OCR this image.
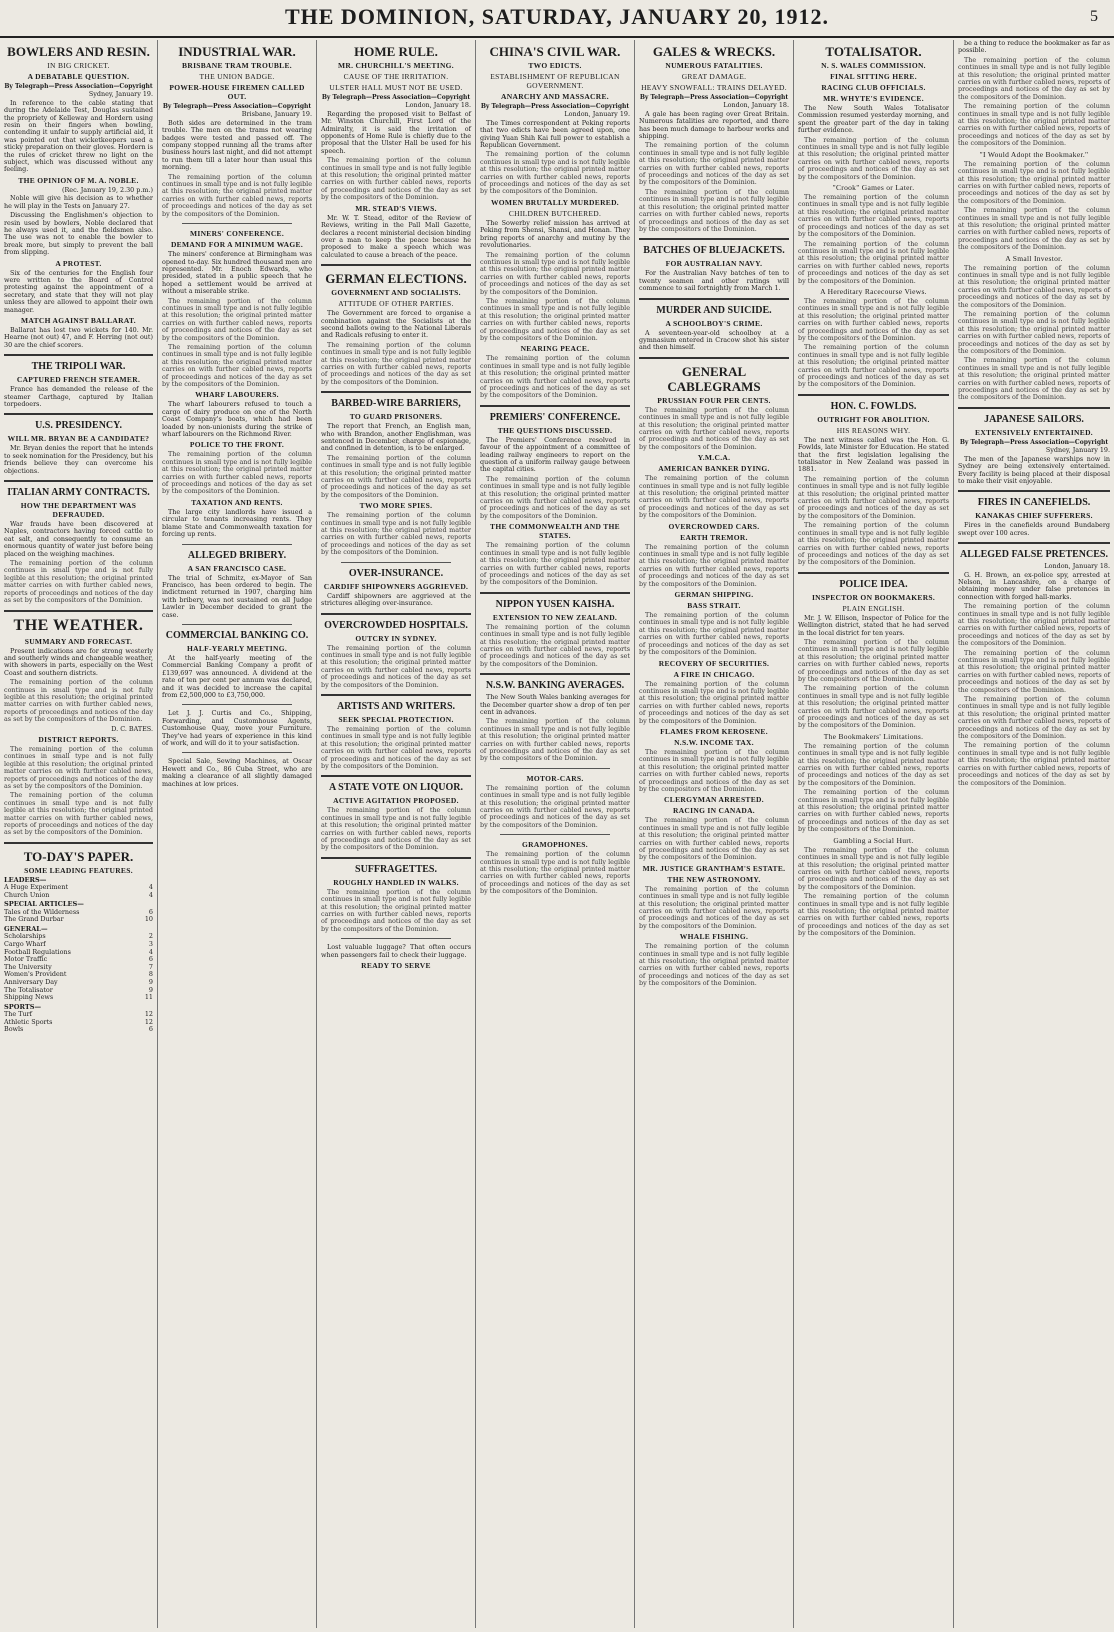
THE DOMINION, SATURDAY, JANUARY 20, 1912.	5
BOWLERS AND RESIN.
IN BIG CRICKET.
A DEBATABLE QUESTION.
By Telegraph—Press Association—Copyright
Sydney, January 19.

In reference to the cable stating that during the Adelaide Test, Douglas sustained the propriety of Kelleway and Hordern using resin on their fingers when bowling, contending it unfair to supply artificial aid, it was pointed out that wicketkeepers used a sticky preparation on their gloves. Hordern is the rules of cricket threw no light on the subject, which was discussed without any feeling.

THE OPINION OF M. A. NOBLE.
(Rec. January 19, 2.30 p.m.)

Noble will give his decision as to whether he will play in the Tests on January 27.

Discussing the Englishmen's objection to resin used by bowlers, Noble declared that he always used it, and the fieldsmen also. The use was not to enable the bowler to break more, but simply to prevent the ball from slipping.

A PROTEST.

Six of the centuries for the English four were written to the Board of Control protesting against the appointment of a secretary, and state that they will not play unless they are allowed to appoint their own manager.

MATCH AGAINST BALLARAT.

Ballarat has lost two wickets for 140. Mr. Hearne (not out) 47, and F. Herring (not out) 30 are the chief scorers.

THE TRIPOLI WAR.
CAPTURED FRENCH STEAMER.

France has demanded the release of the steamer Carthage, captured by Italian torpedoers.

U.S. PRESIDENCY.
WILL MR. BRYAN BE A CANDIDATE?

Mr. Bryan denies the report that he intends to seek nomination for the Presidency, but his friends believe they can overcome his objections.

ITALIAN ARMY CONTRACTS.
HOW THE DEPARTMENT WAS DEFRAUDED.

War frauds have been discovered at Naples, contractors having forced cattle to eat salt, and consequently to consume an enormous quantity of water just before being placed on the weighing machines.

The remaining portion of the column continues in small type and is not fully legible at this resolution; the original printed matter carries on with further cabled news, reports of proceedings and notices of the day as set by the compositors of the Dominion.

THE WEATHER.
SUMMARY AND FORECAST.

Present indications are for strong westerly and southerly winds and changeable weather, with showers in parts, especially on the West Coast and southern districts.

The remaining portion of the column continues in small type and is not fully legible at this resolution; the original printed matter carries on with further cabled news, reports of proceedings and notices of the day as set by the compositors of the Dominion.

D. C. BATES.
DISTRICT REPORTS.

The remaining portion of the column continues in small type and is not fully legible at this resolution; the original printed matter carries on with further cabled news, reports of proceedings and notices of the day as set by the compositors of the Dominion.

The remaining portion of the column continues in small type and is not fully legible at this resolution; the original printed matter carries on with further cabled news, reports of proceedings and notices of the day as set by the compositors of the Dominion.

TO-DAY'S PAPER.
SOME LEADING FEATURES.
LEADERS—
A Huge Experiment	4
Church Union	4
SPECIAL ARTICLES—
Tales of the Wilderness	6
The Grand Durbar	10
GENERAL—
Scholarships	2
Cargo Wharf	3
Football Regulations	4
Motor Traffic	6
The University	7
Women's Provident	8
Anniversary Day	9
The Totalisator	9
Shipping News	11
SPORTS—
The Turf	12
Athletic Sports	12
Bowls	6
INDUSTRIAL WAR.
BRISBANE TRAM TROUBLE.
THE UNION BADGE.
POWER-HOUSE FIREMEN CALLED OUT.
By Telegraph—Press Association—Copyright
Brisbane, January 19.

Both sides are determined in the tram trouble. The men on the trams not wearing badges were tested and passed off. The company stopped running all the trams after business hours last night, and did not attempt to run them till a later hour than usual this morning.

The remaining portion of the column continues in small type and is not fully legible at this resolution; the original printed matter carries on with further cabled news, reports of proceedings and notices of the day as set by the compositors of the Dominion.

MINERS' CONFERENCE.
DEMAND FOR A MINIMUM WAGE.

The miners' conference at Birmingham was opened to-day. Six hundred thousand men are represented. Mr. Enoch Edwards, who presided, stated in a public speech that he hoped a settlement would be arrived at without a miserable strike.

The remaining portion of the column continues in small type and is not fully legible at this resolution; the original printed matter carries on with further cabled news, reports of proceedings and notices of the day as set by the compositors of the Dominion.

The remaining portion of the column continues in small type and is not fully legible at this resolution; the original printed matter carries on with further cabled news, reports of proceedings and notices of the day as set by the compositors of the Dominion.

WHARF LABOURERS.

The wharf labourers refused to touch a cargo of dairy produce on one of the North Coast Company's boats, which had been loaded by non-unionists during the strike of wharf labourers on the Richmond River.

POLICE TO THE FRONT.

The remaining portion of the column continues in small type and is not fully legible at this resolution; the original printed matter carries on with further cabled news, reports of proceedings and notices of the day as set by the compositors of the Dominion.

TAXATION AND RENTS.

The large city landlords have issued a circular to tenants increasing rents. They blame State and Commonwealth taxation for forcing up rents.

ALLEGED BRIBERY.
A SAN FRANCISCO CASE.

The trial of Schmitz, ex-Mayor of San Francisco, has been ordered to begin. The indictment returned in 1907, charging him with bribery, was not sustained on all Judge Lawler in December decided to grant the case.

COMMERCIAL BANKING CO.
HALF-YEARLY MEETING.

At the half-yearly meeting of the Commercial Banking Company a profit of £139,697 was announced. A dividend at the rate of ten per cent per annum was declared, and it was decided to increase the capital from £2,500,000 to £3,750,000.

Let J. J. Curtis and Co., Shipping, Forwarding, and Customhouse Agents, Customhouse Quay, move your Furniture. They've had years of experience in this kind of work, and will do it to your satisfaction.

Special Sale, Sewing Machines, at Oscar Hewett and Co., 86 Cuba Street, who are making a clearance of all slightly damaged machines at low prices.

HOME RULE.
MR. CHURCHILL'S MEETING.
CAUSE OF THE IRRITATION.
ULSTER HALL MUST NOT BE USED.
By Telegraph—Press Association—Copyright
London, January 18.

Regarding the proposed visit to Belfast of Mr. Winston Churchill, First Lord of the Admiralty, it is said the irritation of opponents of Home Rule is chiefly due to the proposal that the Ulster Hall be used for his speech.

The remaining portion of the column continues in small type and is not fully legible at this resolution; the original printed matter carries on with further cabled news, reports of proceedings and notices of the day as set by the compositors of the Dominion.

MR. STEAD'S VIEWS.

Mr. W. T. Stead, editor of the Review of Reviews, writing in the Pall Mall Gazette, declares a recent ministerial decision binding over a man to keep the peace because he proposed to make a speech which was calculated to cause a breach of the peace.

GERMAN ELECTIONS.
GOVERNMENT AND SOCIALISTS.
ATTITUDE OF OTHER PARTIES.

The Government are forced to organise a combination against the Socialists at the second ballots owing to the National Liberals and Radicals refusing to enter it.

The remaining portion of the column continues in small type and is not fully legible at this resolution; the original printed matter carries on with further cabled news, reports of proceedings and notices of the day as set by the compositors of the Dominion.

BARBED-WIRE BARRIERS,
TO GUARD PRISONERS.

The report that French, an English man, who with Brandon, another Englishman, was sentenced in December, charge of espionage, and confined in detention, is to be enlarged.

The remaining portion of the column continues in small type and is not fully legible at this resolution; the original printed matter carries on with further cabled news, reports of proceedings and notices of the day as set by the compositors of the Dominion.

TWO MORE SPIES.

The remaining portion of the column continues in small type and is not fully legible at this resolution; the original printed matter carries on with further cabled news, reports of proceedings and notices of the day as set by the compositors of the Dominion.

OVER-INSURANCE.
CARDIFF SHIPOWNERS AGGRIEVED.

Cardiff shipowners are aggrieved at the strictures alleging over-insurance.

OVERCROWDED HOSPITALS.
OUTCRY IN SYDNEY.

The remaining portion of the column continues in small type and is not fully legible at this resolution; the original printed matter carries on with further cabled news, reports of proceedings and notices of the day as set by the compositors of the Dominion.

ARTISTS AND WRITERS.
SEEK SPECIAL PROTECTION.

The remaining portion of the column continues in small type and is not fully legible at this resolution; the original printed matter carries on with further cabled news, reports of proceedings and notices of the day as set by the compositors of the Dominion.

A STATE VOTE ON LIQUOR.
ACTIVE AGITATION PROPOSED.

The remaining portion of the column continues in small type and is not fully legible at this resolution; the original printed matter carries on with further cabled news, reports of proceedings and notices of the day as set by the compositors of the Dominion.

SUFFRAGETTES.
ROUGHLY HANDLED IN WALKS.

The remaining portion of the column continues in small type and is not fully legible at this resolution; the original printed matter carries on with further cabled news, reports of proceedings and notices of the day as set by the compositors of the Dominion.

Lost valuable luggage? That often occurs when passengers fail to check their luggage.

READY TO SERVE
CHINA'S CIVIL WAR.
TWO EDICTS.
ESTABLISHMENT OF REPUBLICAN GOVERNMENT.
ANARCHY AND MASSACRE.
By Telegraph—Press Association—Copyright
London, January 19.

The Times correspondent at Peking reports that two edicts have been agreed upon, one giving Yuan Shih Kai full power to establish a Republican Government.

The remaining portion of the column continues in small type and is not fully legible at this resolution; the original printed matter carries on with further cabled news, reports of proceedings and notices of the day as set by the compositors of the Dominion.

WOMEN BRUTALLY MURDERED.
CHILDREN BUTCHERED.

The Sowerby relief mission has arrived at Peking from Shensi, Shansi, and Honan. They bring reports of anarchy and mutiny by the revolutionaries.

The remaining portion of the column continues in small type and is not fully legible at this resolution; the original printed matter carries on with further cabled news, reports of proceedings and notices of the day as set by the compositors of the Dominion.

The remaining portion of the column continues in small type and is not fully legible at this resolution; the original printed matter carries on with further cabled news, reports of proceedings and notices of the day as set by the compositors of the Dominion.

NEARING PEACE.

The remaining portion of the column continues in small type and is not fully legible at this resolution; the original printed matter carries on with further cabled news, reports of proceedings and notices of the day as set by the compositors of the Dominion.

PREMIERS' CONFERENCE.
THE QUESTIONS DISCUSSED.

The Premiers' Conference resolved in favour of the appointment of a committee of leading railway engineers to report on the question of a uniform railway gauge between the capital cities.

The remaining portion of the column continues in small type and is not fully legible at this resolution; the original printed matter carries on with further cabled news, reports of proceedings and notices of the day as set by the compositors of the Dominion.

THE COMMONWEALTH AND THE STATES.

The remaining portion of the column continues in small type and is not fully legible at this resolution; the original printed matter carries on with further cabled news, reports of proceedings and notices of the day as set by the compositors of the Dominion.

NIPPON YUSEN KAISHA.
EXTENSION TO NEW ZEALAND.

The remaining portion of the column continues in small type and is not fully legible at this resolution; the original printed matter carries on with further cabled news, reports of proceedings and notices of the day as set by the compositors of the Dominion.

N.S.W. BANKING AVERAGES.

The New South Wales banking averages for the December quarter show a drop of ten per cent in advances.

The remaining portion of the column continues in small type and is not fully legible at this resolution; the original printed matter carries on with further cabled news, reports of proceedings and notices of the day as set by the compositors of the Dominion.

MOTOR-CARS.

The remaining portion of the column continues in small type and is not fully legible at this resolution; the original printed matter carries on with further cabled news, reports of proceedings and notices of the day as set by the compositors of the Dominion.

GRAMOPHONES.

The remaining portion of the column continues in small type and is not fully legible at this resolution; the original printed matter carries on with further cabled news, reports of proceedings and notices of the day as set by the compositors of the Dominion.

GALES & WRECKS.
NUMEROUS FATALITIES.
GREAT DAMAGE.
HEAVY SNOWFALL: TRAINS DELAYED.
By Telegraph—Press Association—Copyright
London, January 18.

A gale has been raging over Great Britain. Numerous fatalities are reported, and there has been much damage to harbour works and shipping.

The remaining portion of the column continues in small type and is not fully legible at this resolution; the original printed matter carries on with further cabled news, reports of proceedings and notices of the day as set by the compositors of the Dominion.

The remaining portion of the column continues in small type and is not fully legible at this resolution; the original printed matter carries on with further cabled news, reports of proceedings and notices of the day as set by the compositors of the Dominion.

BATCHES OF BLUEJACKETS.
FOR AUSTRALIAN NAVY.

For the Australian Navy batches of ten to twenty seamen and other ratings will commence to sail fortnightly from March 1.

MURDER AND SUICIDE.
A SCHOOLBOY'S CRIME.

A seventeen-year-old schoolboy at a gymnasium entered in Cracow shot his sister and then himself.

GENERAL CABLEGRAMS
PRUSSIAN FOUR PER CENTS.

The remaining portion of the column continues in small type and is not fully legible at this resolution; the original printed matter carries on with further cabled news, reports of proceedings and notices of the day as set by the compositors of the Dominion.

Y.M.C.A.
AMERICAN BANKER DYING.

The remaining portion of the column continues in small type and is not fully legible at this resolution; the original printed matter carries on with further cabled news, reports of proceedings and notices of the day as set by the compositors of the Dominion.

OVERCROWDED CARS.
EARTH TREMOR.

The remaining portion of the column continues in small type and is not fully legible at this resolution; the original printed matter carries on with further cabled news, reports of proceedings and notices of the day as set by the compositors of the Dominion.

GERMAN SHIPPING.
BASS STRAIT.

The remaining portion of the column continues in small type and is not fully legible at this resolution; the original printed matter carries on with further cabled news, reports of proceedings and notices of the day as set by the compositors of the Dominion.

RECOVERY OF SECURITIES.
A FIRE IN CHICAGO.

The remaining portion of the column continues in small type and is not fully legible at this resolution; the original printed matter carries on with further cabled news, reports of proceedings and notices of the day as set by the compositors of the Dominion.

FLAMES FROM KEROSENE.
N.S.W. INCOME TAX.

The remaining portion of the column continues in small type and is not fully legible at this resolution; the original printed matter carries on with further cabled news, reports of proceedings and notices of the day as set by the compositors of the Dominion.

CLERGYMAN ARRESTED.
RACING IN CANADA.

The remaining portion of the column continues in small type and is not fully legible at this resolution; the original printed matter carries on with further cabled news, reports of proceedings and notices of the day as set by the compositors of the Dominion.

MR. JUSTICE GRANTHAM'S ESTATE.
THE NEW ASTRONOMY.

The remaining portion of the column continues in small type and is not fully legible at this resolution; the original printed matter carries on with further cabled news, reports of proceedings and notices of the day as set by the compositors of the Dominion.

WHALE FISHING.

The remaining portion of the column continues in small type and is not fully legible at this resolution; the original printed matter carries on with further cabled news, reports of proceedings and notices of the day as set by the compositors of the Dominion.

TOTALISATOR.
N. S. WALES COMMISSION.
FINAL SITTING HERE.
RACING CLUB OFFICIALS.
MR. WHYTE'S EVIDENCE.

The New South Wales Totalisator Commission resumed yesterday morning, and spent the greater part of the day in taking further evidence.

The remaining portion of the column continues in small type and is not fully legible at this resolution; the original printed matter carries on with further cabled news, reports of proceedings and notices of the day as set by the compositors of the Dominion.

"Crook" Games or Later.

The remaining portion of the column continues in small type and is not fully legible at this resolution; the original printed matter carries on with further cabled news, reports of proceedings and notices of the day as set by the compositors of the Dominion.

The remaining portion of the column continues in small type and is not fully legible at this resolution; the original printed matter carries on with further cabled news, reports of proceedings and notices of the day as set by the compositors of the Dominion.

A Hereditary Racecourse Views.

The remaining portion of the column continues in small type and is not fully legible at this resolution; the original printed matter carries on with further cabled news, reports of proceedings and notices of the day as set by the compositors of the Dominion.

The remaining portion of the column continues in small type and is not fully legible at this resolution; the original printed matter carries on with further cabled news, reports of proceedings and notices of the day as set by the compositors of the Dominion.

HON. C. FOWLDS.
OUTRIGHT FOR ABOLITION.
HIS REASONS WHY.

The next witness called was the Hon. G. Fowlds, late Minister for Education. He stated that the first legislation legalising the totalisator in New Zealand was passed in 1881.

The remaining portion of the column continues in small type and is not fully legible at this resolution; the original printed matter carries on with further cabled news, reports of proceedings and notices of the day as set by the compositors of the Dominion.

The remaining portion of the column continues in small type and is not fully legible at this resolution; the original printed matter carries on with further cabled news, reports of proceedings and notices of the day as set by the compositors of the Dominion.

POLICE IDEA.
INSPECTOR ON BOOKMAKERS.
PLAIN ENGLISH.

Mr. J. W. Ellison, Inspector of Police for the Wellington district, stated that he had served in the local district for ten years.

The remaining portion of the column continues in small type and is not fully legible at this resolution; the original printed matter carries on with further cabled news, reports of proceedings and notices of the day as set by the compositors of the Dominion.

The remaining portion of the column continues in small type and is not fully legible at this resolution; the original printed matter carries on with further cabled news, reports of proceedings and notices of the day as set by the compositors of the Dominion.

The Bookmakers' Limitations.

The remaining portion of the column continues in small type and is not fully legible at this resolution; the original printed matter carries on with further cabled news, reports of proceedings and notices of the day as set by the compositors of the Dominion.

The remaining portion of the column continues in small type and is not fully legible at this resolution; the original printed matter carries on with further cabled news, reports of proceedings and notices of the day as set by the compositors of the Dominion.

Gambling a Social Hurt.

The remaining portion of the column continues in small type and is not fully legible at this resolution; the original printed matter carries on with further cabled news, reports of proceedings and notices of the day as set by the compositors of the Dominion.

The remaining portion of the column continues in small type and is not fully legible at this resolution; the original printed matter carries on with further cabled news, reports of proceedings and notices of the day as set by the compositors of the Dominion.

be a thing to reduce the bookmaker as far as possible.

The remaining portion of the column continues in small type and is not fully legible at this resolution; the original printed matter carries on with further cabled news, reports of proceedings and notices of the day as set by the compositors of the Dominion.

The remaining portion of the column continues in small type and is not fully legible at this resolution; the original printed matter carries on with further cabled news, reports of proceedings and notices of the day as set by the compositors of the Dominion.

"I Would Adopt the Bookmaker."

The remaining portion of the column continues in small type and is not fully legible at this resolution; the original printed matter carries on with further cabled news, reports of proceedings and notices of the day as set by the compositors of the Dominion.

The remaining portion of the column continues in small type and is not fully legible at this resolution; the original printed matter carries on with further cabled news, reports of proceedings and notices of the day as set by the compositors of the Dominion.

A Small Investor.

The remaining portion of the column continues in small type and is not fully legible at this resolution; the original printed matter carries on with further cabled news, reports of proceedings and notices of the day as set by the compositors of the Dominion.

The remaining portion of the column continues in small type and is not fully legible at this resolution; the original printed matter carries on with further cabled news, reports of proceedings and notices of the day as set by the compositors of the Dominion.

The remaining portion of the column continues in small type and is not fully legible at this resolution; the original printed matter carries on with further cabled news, reports of proceedings and notices of the day as set by the compositors of the Dominion.

JAPANESE SAILORS.
EXTENSIVELY ENTERTAINED.
By Telegraph—Press Association—Copyright
Sydney, January 19.

The men of the Japanese warships now in Sydney are being extensively entertained. Every facility is being placed at their disposal to make their visit enjoyable.

FIRES IN CANEFIELDS.
KANAKAS CHIEF SUFFERERS.

Fires in the canefields around Bundaberg swept over 100 acres.

ALLEGED FALSE PRETENCES.
London, January 18.

G. H. Brown, an ex-police spy, arrested at Nelson, in Lancashire, on a charge of obtaining money under false pretences in connection with forged hall-marks.

The remaining portion of the column continues in small type and is not fully legible at this resolution; the original printed matter carries on with further cabled news, reports of proceedings and notices of the day as set by the compositors of the Dominion.

The remaining portion of the column continues in small type and is not fully legible at this resolution; the original printed matter carries on with further cabled news, reports of proceedings and notices of the day as set by the compositors of the Dominion.

The remaining portion of the column continues in small type and is not fully legible at this resolution; the original printed matter carries on with further cabled news, reports of proceedings and notices of the day as set by the compositors of the Dominion.

The remaining portion of the column continues in small type and is not fully legible at this resolution; the original printed matter carries on with further cabled news, reports of proceedings and notices of the day as set by the compositors of the Dominion.
